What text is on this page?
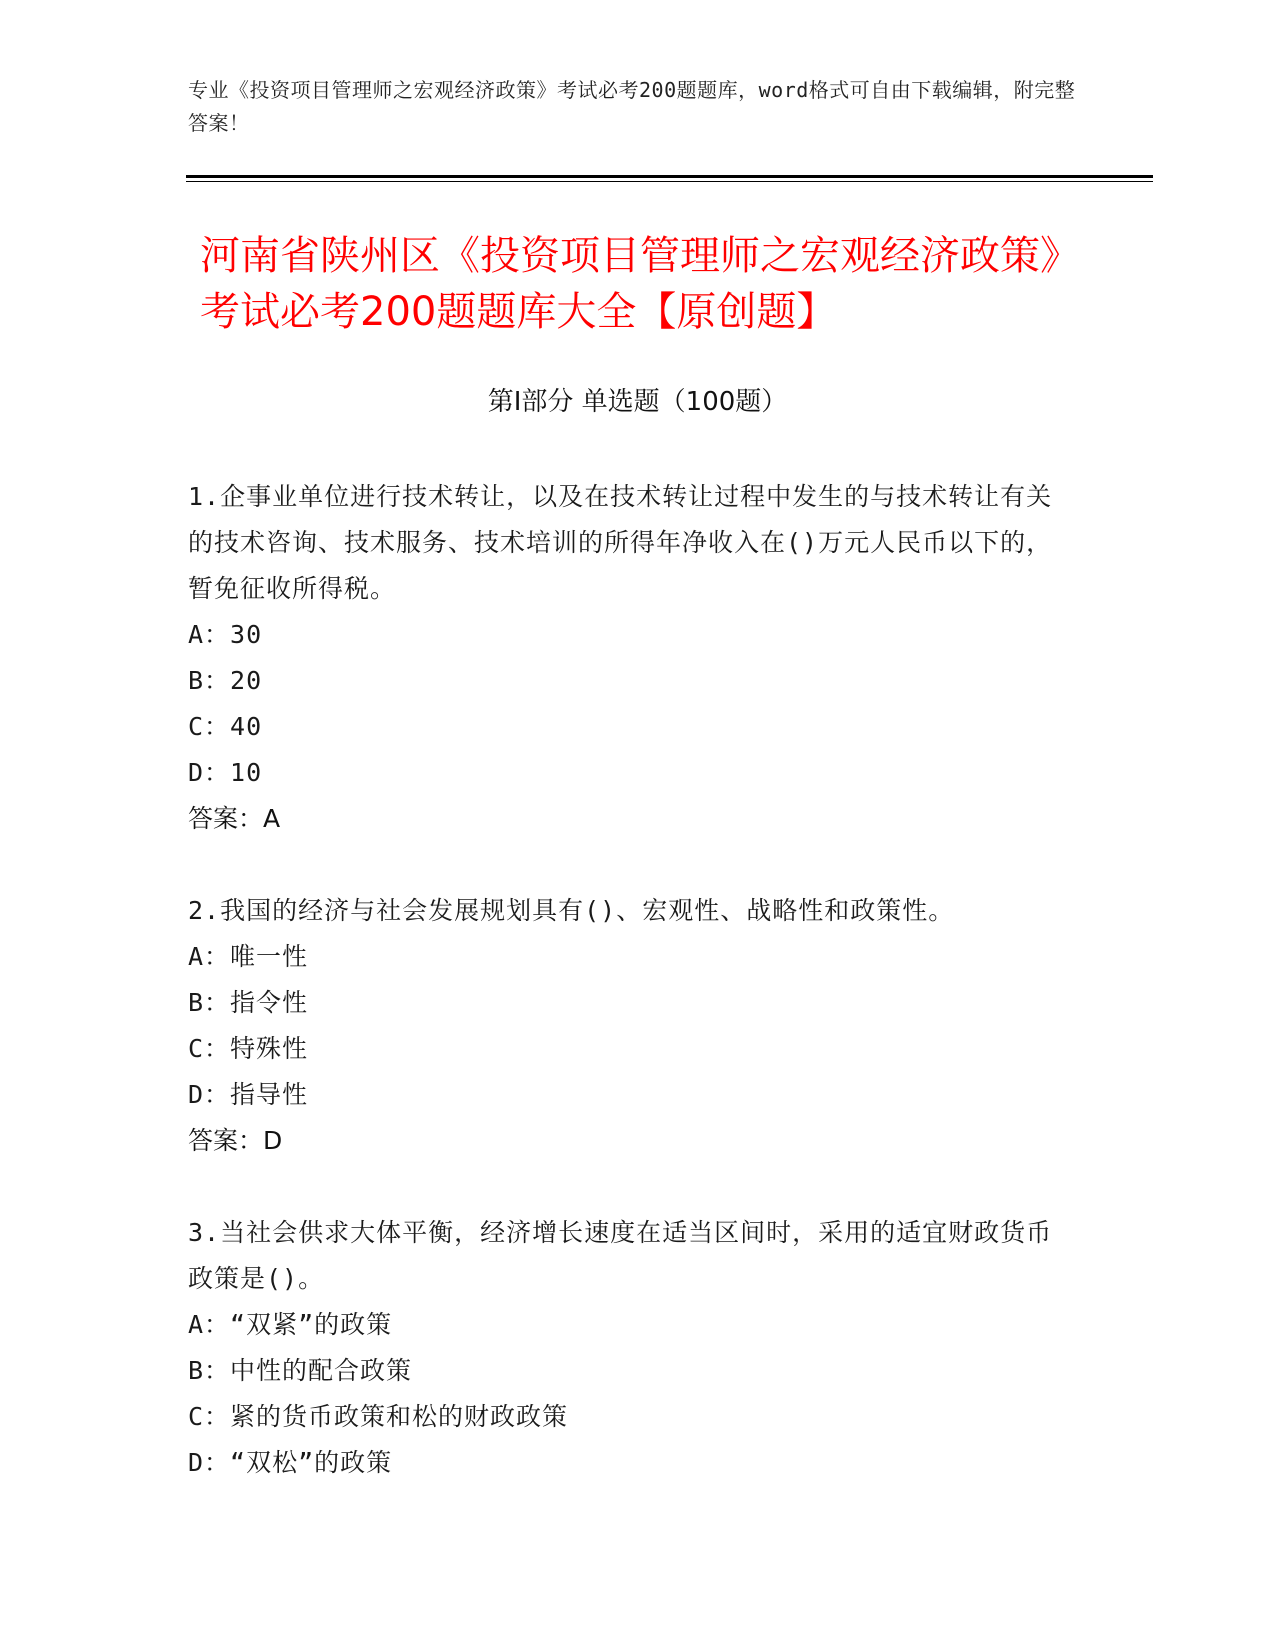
专业《投资项目管理师之宏观经济政策》考试必考200题题库，word格式可自由下载编辑，附完整答案！
河南省陕州区《投资项目管理师之宏观经济政策》考试必考200题题库大全【原创题】
第I部分 单选题（100题）
1.企事业单位进行技术转让，以及在技术转让过程中发生的与技术转让有关的技术咨询、技术服务、技术培训的所得年净收入在()万元人民币以下的，暂免征收所得税。
A：30
B：20
C：40
D：10
答案：A
2.我国的经济与社会发展规划具有()、宏观性、战略性和政策性。
A：唯一性
B：指令性
C：特殊性
D：指导性
答案：D
3.当社会供求大体平衡，经济增长速度在适当区间时，采用的适宜财政货币政策是()。
A：“双紧”的政策
B：中性的配合政策
C：紧的货币政策和松的财政政策
D：“双松”的政策
